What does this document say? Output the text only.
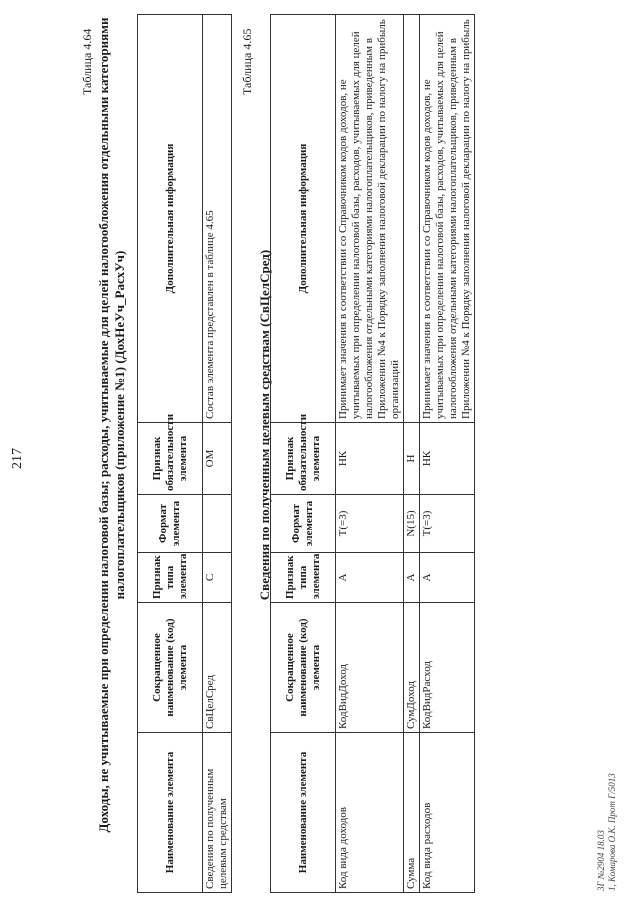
217
Таблица 4.64 Доходы, не учитываемые при определении налоговой базы; расходы, учитываемые для целей налогообложения отдельными категориями налогоплательщиков (приложение №1) (ДохНеУч_РасхУч)
Наименование элемента	Сокращенное наименование (код) элемента	Признак типа элемента	Формат элемента	Признак обязательности элемента	Дополнительная информация
Сведения по полученным целевым средствам	СвЦелСред	С		ОМ	Состав элемента представлен в таблице 4.65
Таблица 4.65
Сведения по полученным целевым средствам (СвЦелСред)
Наименование элемента	Сокращенное наименование (код) элемента	Признак типа элемента	Формат элемента	Признак обязательности элемента	Дополнительная информация
Код вида доходов	КодВидДоход	А	T(=3)	НК	Принимает значения в соответствии со Справочником кодов доходов, не учитываемых при определении налоговой базы, расходов, учитываемых для целей налогообложения отдельными категориями налогоплательщиков, приведенным в Приложении №4 к Порядку заполнения налоговой декларации по налогу на прибыль организаций
Сумма	СумДоход	А	N(15)	Н	
Код вида расходов	КодВидРасход	А	T(=3)	НК	Принимает значения в соответствии со Справочником кодов доходов, не учитываемых при определении налоговой базы, расходов, учитываемых для целей налогообложения отдельными категориями налогоплательщиков, приведенным в Приложении №4 к Порядку заполнения налоговой декларации по налогу на прибыль
3Г №2904 18.03 1, Комарова О.К. Прот Г/5013
